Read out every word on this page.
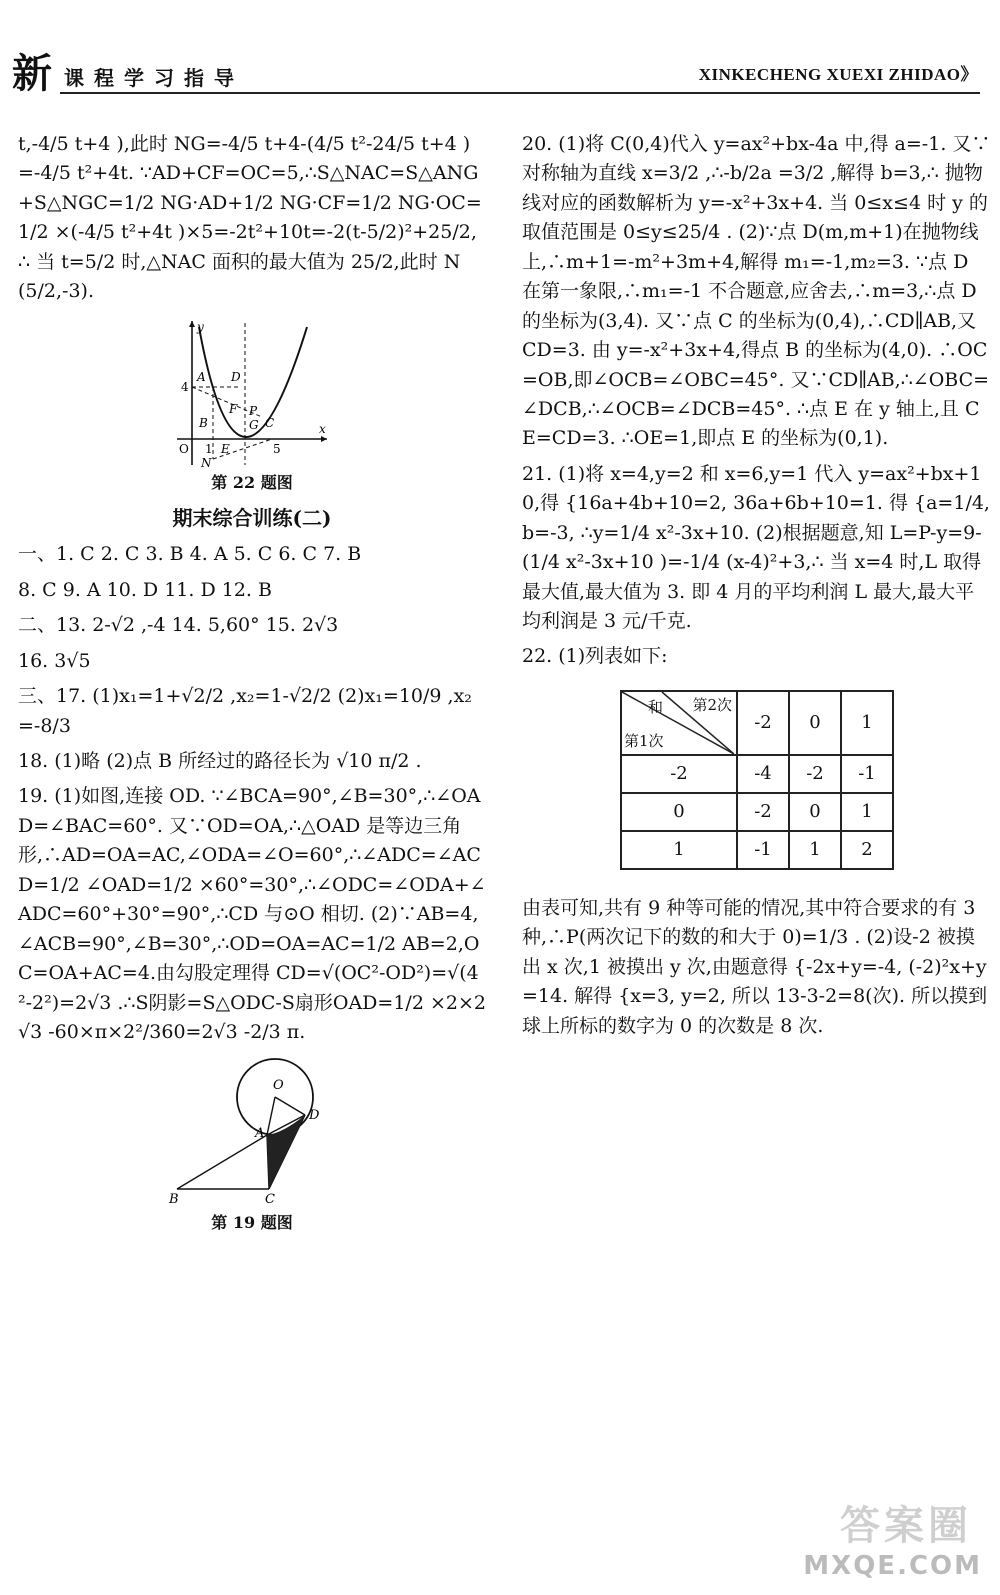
新 课程学习指导	XINKECHENG XUEXI ZHIDAO》

t,-4/5 t+4 ),此时 NG=-4/5 t+4-(4/5 t²-24/5 t+4 )=-4/5 t²+4t. ∵AD+CF=OC=5,∴S△NAC=S△ANG+S△NGC=1/2 NG·AD+1/2 NG·CF=1/2 NG·OC=1/2 ×(-4/5 t²+4t )×5=-2t²+10t=-2(t-5/2)²+25/2,∴ 当 t=5/2 时,△NAC 面积的最大值为 25/2,此时 N(5/2,-3).

y
x
O
4
5
1
A D
B
F P
G C
E
N
第 22 题图
期末综合训练(二)

一、1. C 2. C 3. B 4. A 5. C 6. C 7. B

8. C 9. A 10. D 11. D 12. B

二、13. 2-√2 ,-4 14. 5,60° 15. 2√3

16. 3√5

三、17. (1)x₁=1+√2/2 ,x₂=1-√2/2 (2)x₁=10/9 ,x₂=-8/3

18. (1)略 (2)点 B 所经过的路径长为 √10 π/2 .

19. (1)如图,连接 OD. ∵∠BCA=90°,∠B=30°,∴∠OAD=∠BAC=60°. 又∵OD=OA,∴△OAD 是等边三角形,∴AD=OA=AC,∠ODA=∠O=60°,∴∠ADC=∠ACD=1/2 ∠OAD=1/2 ×60°=30°,∴∠ODC=∠ODA+∠ADC=60°+30°=90°,∴CD 与⊙O 相切. (2)∵AB=4,∠ACB=90°,∠B=30°,∴OD=OA=AC=1/2 AB=2,OC=OA+AC=4.由勾股定理得 CD=√(OC²-OD²)=√(4²-2²)=2√3 .∴S阴影=S△ODC-S扇形OAD=1/2 ×2×2√3 -60×π×2²/360=2√3 -2/3 π.

O
A
D
B	C
第 19 题图

20. (1)将 C(0,4)代入 y=ax²+bx-4a 中,得 a=-1. 又∵对称轴为直线 x=3/2 ,∴-b/2a =3/2 ,解得 b=3,∴ 抛物线对应的函数解析为 y=-x²+3x+4. 当 0≤x≤4 时 y 的取值范围是 0≤y≤25/4 . (2)∵点 D(m,m+1)在抛物线上,∴m+1=-m²+3m+4,解得 m₁=-1,m₂=3. ∵点 D 在第一象限,∴m₁=-1 不合题意,应舍去,∴m=3,∴点 D 的坐标为(3,4). 又∵点 C 的坐标为(0,4),∴CD∥AB,又 CD=3. 由 y=-x²+3x+4,得点 B 的坐标为(4,0). ∴OC=OB,即∠OCB=∠OBC=45°. 又∵CD∥AB,∴∠OBC=∠DCB,∴∠OCB=∠DCB=45°. ∴点 E 在 y 轴上,且 CE=CD=3. ∴OE=1,即点 E 的坐标为(0,1).

21. (1)将 x=4,y=2 和 x=6,y=1 代入 y=ax²+bx+10,得 {16a+4b+10=2, 36a+6b+10=1. 得 {a=1/4, b=-3, ∴y=1/4 x²-3x+10. (2)根据题意,知 L=P-y=9-(1/4 x²-3x+10 )=-1/4 (x-4)²+3,∴ 当 x=4 时,L 取得最大值,最大值为 3. 即 4 月的平均利润 L 最大,最大平均利润是 3 元/千克.

22. (1)列表如下:

和 第2次
第1次	-2	0	1
-2	-4	-2	-1
0	-2	0	1
1	-1	1	2

由表可知,共有 9 种等可能的情况,其中符合要求的有 3 种,∴P(两次记下的数的和大于 0)=1/3 . (2)设-2 被摸出 x 次,1 被摸出 y 次,由题意得 {-2x+y=-4, (-2)²x+y=14. 解得 {x=3, y=2, 所以 13-3-2=8(次). 所以摸到球上所标的数字为 0 的次数是 8 次.

答案圈
MXQE.COM
